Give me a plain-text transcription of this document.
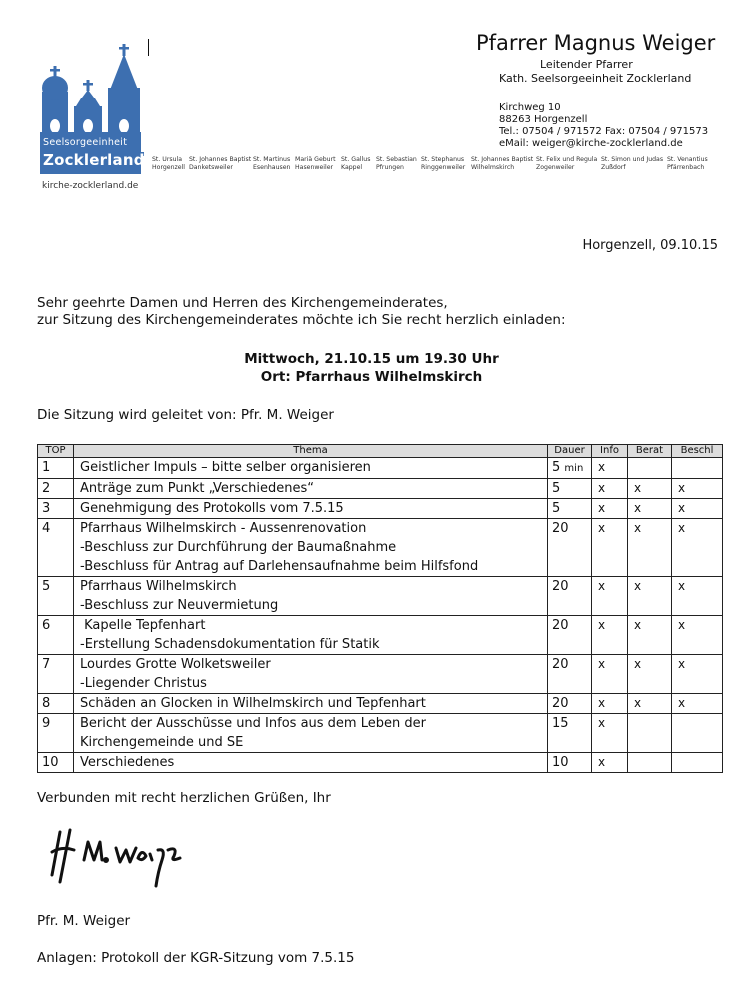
Seelsorgeeinheit
Zocklerland
kirche-zocklerland.de
St. Ursula
Horgenzell
St. Johannes Baptist
Danketsweiler
St. Martinus
Esenhausen
Mariä Geburt
Hasenweiler
St. Gallus
Kappel
St. Sebastian
Pfrungen
St. Stephanus
Ringgenweiler
St. Johannes Baptist
Wilhelmskirch
St. Felix und Regula
Zogenweiler
St. Simon und Judas
Zußdorf
St. Venantius
Pfärrenbach
Pfarrer Magnus Weiger
Leitender Pfarrer
Kath. Seelsorgeeinheit Zocklerland
Kirchweg 10
88263 Horgenzell
Tel.: 07504 / 971572 Fax: 07504 / 971573
eMail: weiger@kirche-zocklerland.de
Horgenzell, 09.10.15
Sehr geehrte Damen und Herren des Kirchengemeinderates,
zur Sitzung des Kirchengemeinderates möchte ich Sie recht herzlich einladen:
Mittwoch, 21.10.15 um 19.30 Uhr
Ort: Pfarrhaus Wilhelmskirch
Die Sitzung wird geleitet von: Pfr. M. Weiger
TOP	Thema	Dauer	Info	Berat	Beschl
1	Geistlicher Impuls – bitte selber organisieren	5 min	x		
2	Anträge zum Punkt „Verschiedenes“	5	x	x	x
3	Genehmigung des Protokolls vom 7.5.15	5	x	x	x
4	Pfarrhaus Wilhelmskirch - Aussenrenovation
-Beschluss zur Durchführung der Baumaßnahme
-Beschluss für Antrag auf Darlehensaufnahme beim Hilfsfond	20	x	x	x
5	Pfarrhaus Wilhelmskirch
-Beschluss zur Neuvermietung	20	x	x	x
6	Kapelle Tepfenhart
-Erstellung Schadensdokumentation für Statik	20	x	x	x
7	Lourdes Grotte Wolketsweiler
-Liegender Christus	20	x	x	x
8	Schäden an Glocken in Wilhelmskirch und Tepfenhart	20	x	x	x
9	Bericht der Ausschüsse und Infos aus dem Leben der
Kirchengemeinde und SE	15	x		
10	Verschiedenes	10	x		
Verbunden mit recht herzlichen Grüßen, Ihr
Pfr. M. Weiger
Anlagen: Protokoll der KGR-Sitzung vom 7.5.15
